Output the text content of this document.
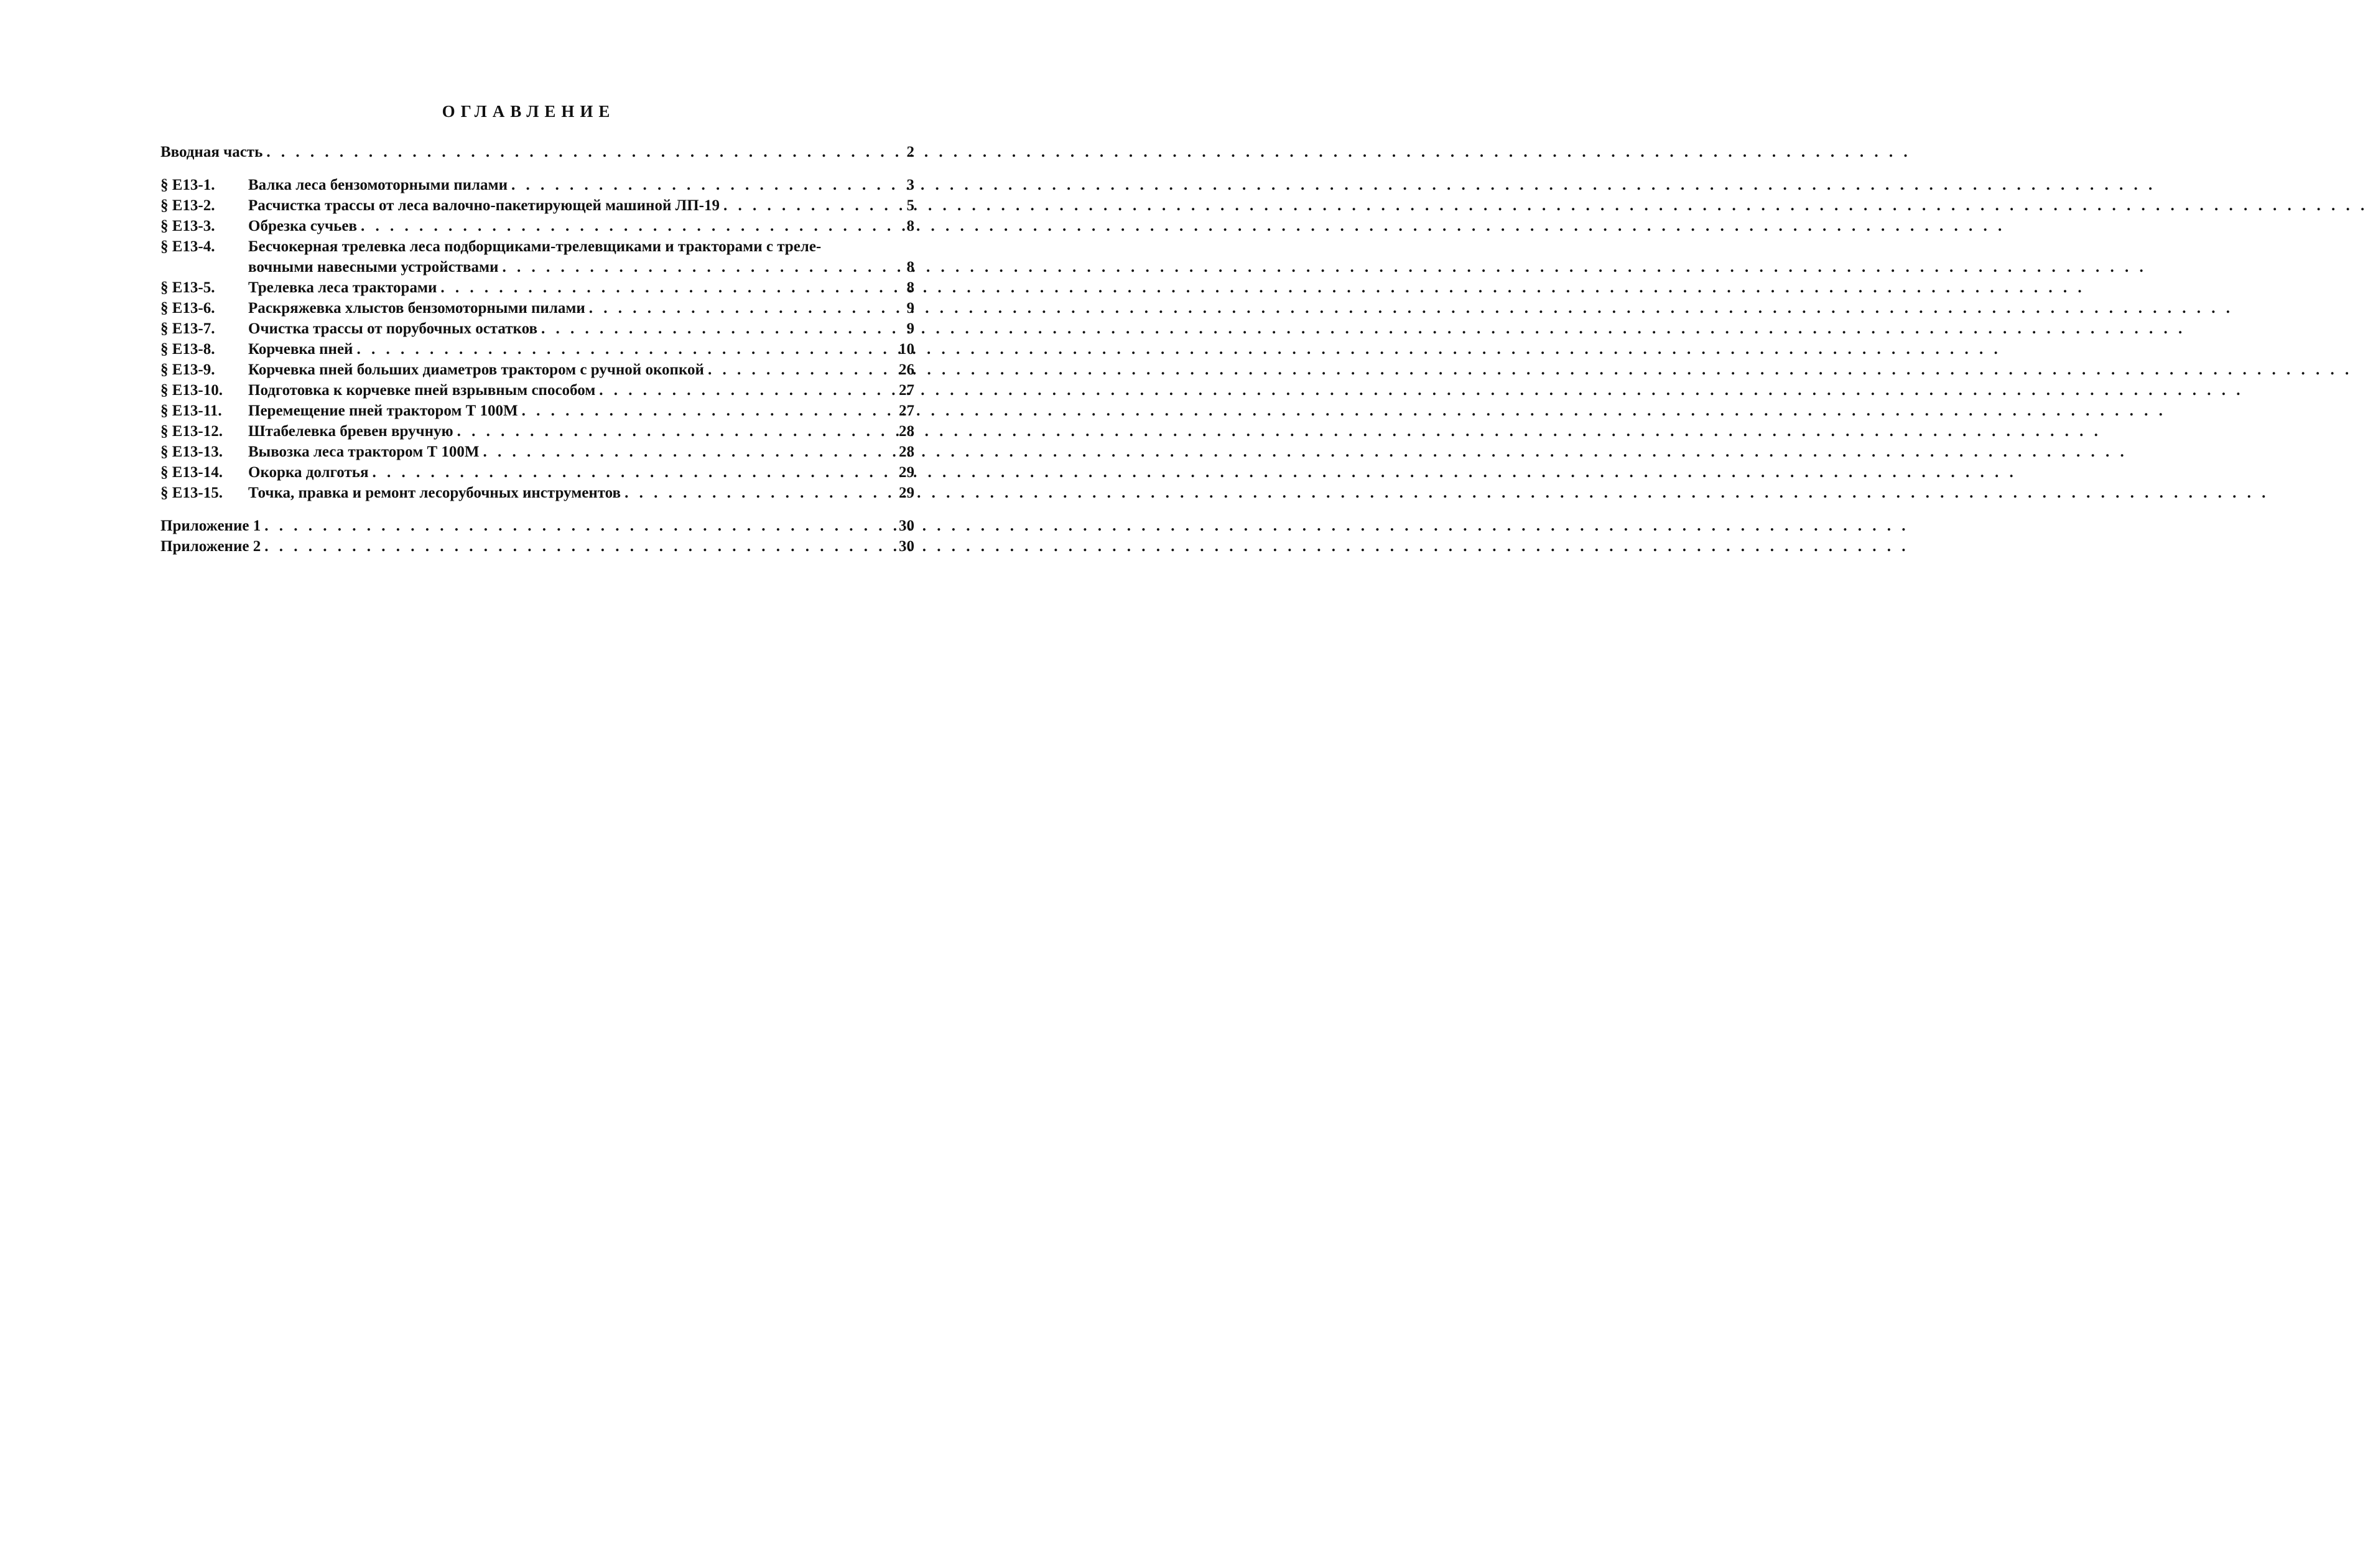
ОГЛАВЛЕНИЕ
Вводная часть . . .	2
§ Е13-1.	Валка леса бензомоторными пилами . . .	3
§ Е13-2.	Расчистка трассы от леса валочно-пакетирующей машиной ЛП-19 . . .	5
§ Е13-3.	Обрезка сучьев . . .	8
§ Е13-4.	Бесчокерная трелевка леса подборщиками-трелевщиками и тракторами с треле-
вочными навесными устройствами . . .	8
§ Е13-5.	Трелевка леса тракторами . . .	8
§ Е13-6.	Раскряжевка хлыстов бензомоторными пилами . . .	9
§ Е13-7.	Очистка трассы от порубочных остатков . . .	9
§ Е13-8.	Корчевка пней . . .	10
§ Е13-9.	Корчевка пней больших диаметров трактором с ручной окопкой . . .	26
§ Е13-10.	Подготовка к корчевке пней взрывным способом . . .	27
§ Е13-11.	Перемещение пней трактором Т 100М . . .	27
§ Е13-12.	Штабелевка бревен вручную . . .	28
§ Е13-13.	Вывозка леса трактором Т 100М . . .	28
§ Е13-14.	Окорка долготья . . .	29
§ Е13-15.	Точка, правка и ремонт лесорубочных инструментов . . .	29
Приложение 1 . . .	30
Приложение 2 . . .	30
